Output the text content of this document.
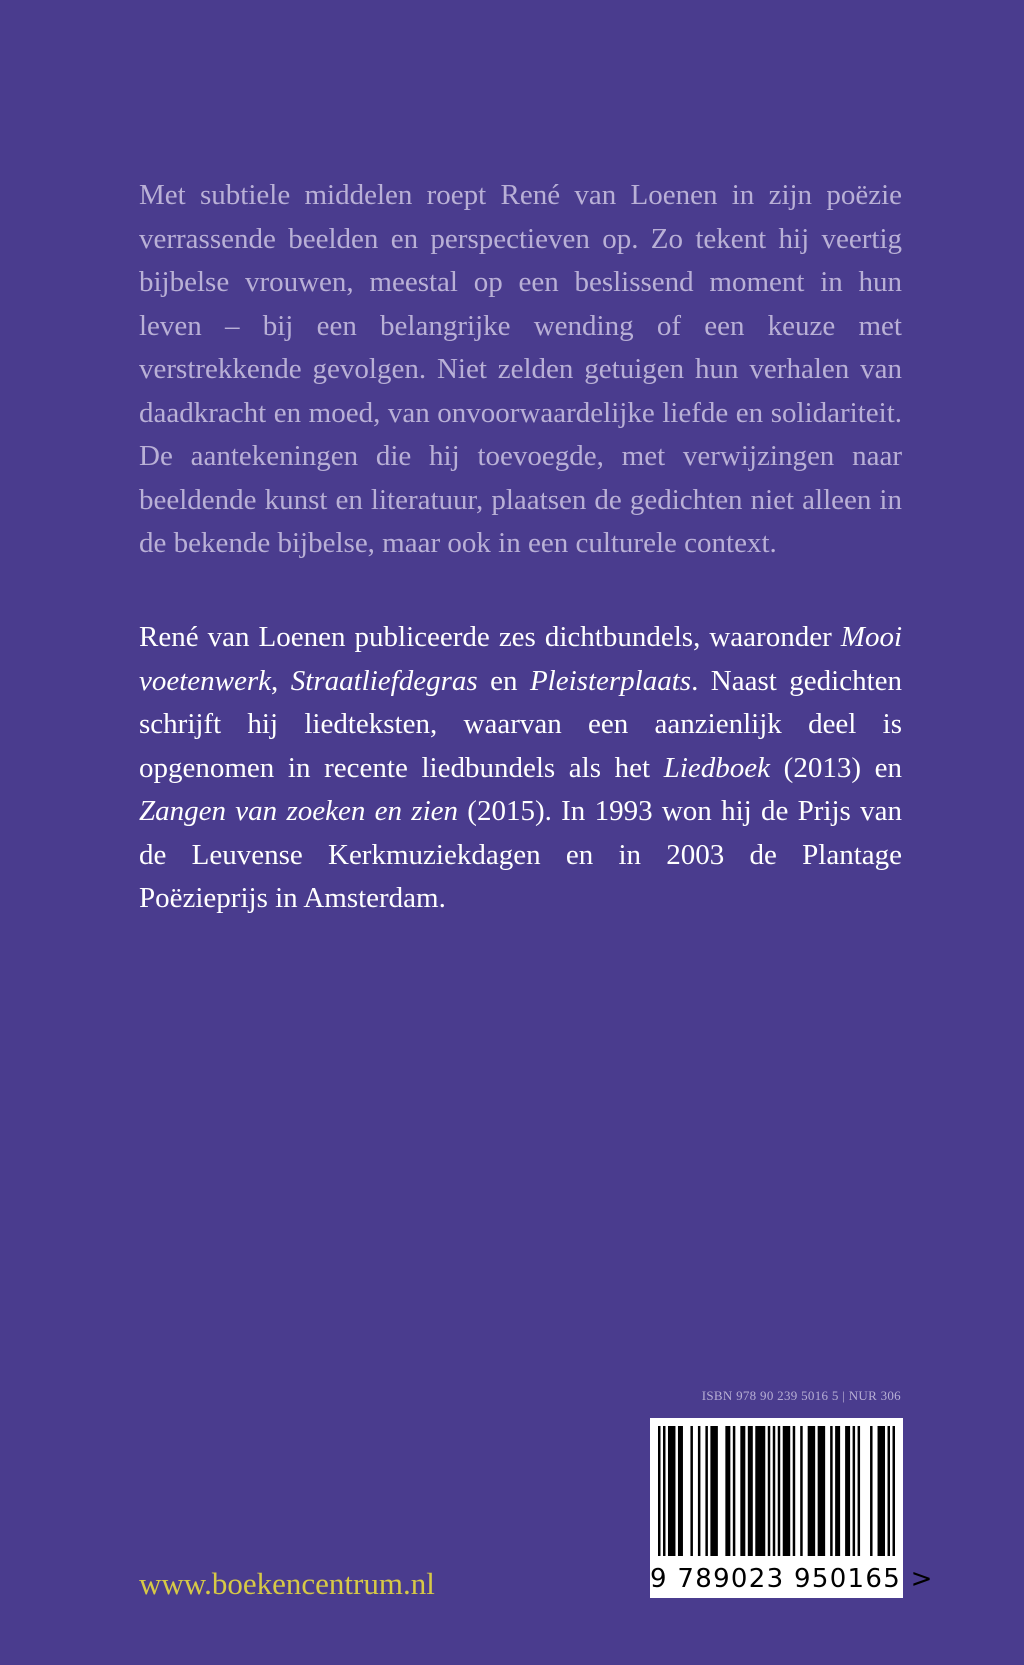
Met subtiele middelen roept René van Loenen in zijn poëzie verrassende beelden en perspectieven op. Zo tekent hij veertig bijbelse vrouwen, meestal op een beslissend moment in hun leven – bij een belangrijke wending of een keuze met verstrekkende gevolgen. Niet zelden getuigen hun verhalen van daadkracht en moed, van onvoorwaardelijke liefde en solidariteit. De aantekeningen die hij toevoegde, met verwijzingen naar beeldende kunst en literatuur, plaatsen de gedichten niet alleen in de bekende bijbelse, maar ook in een culturele context.

René van Loenen publiceerde zes dichtbundels, waaronder Mooi voetenwerk, Straatliefdegras en Pleisterplaats. Naast gedichten schrijft hij liedteksten, waarvan een aanzienlijk deel is opgenomen in recente liedbundels als het Liedboek (2013) en Zangen van zoeken en zien (2015). In 1993 won hij de Prijs van de Leuvense Kerkmuziekdagen en in 2003 de Plantage Poëzieprijs in Amsterdam.

ISBN 978 90 239 5016 5 | NUR 306
9 789023 950165 >
www.boekencentrum.nl
